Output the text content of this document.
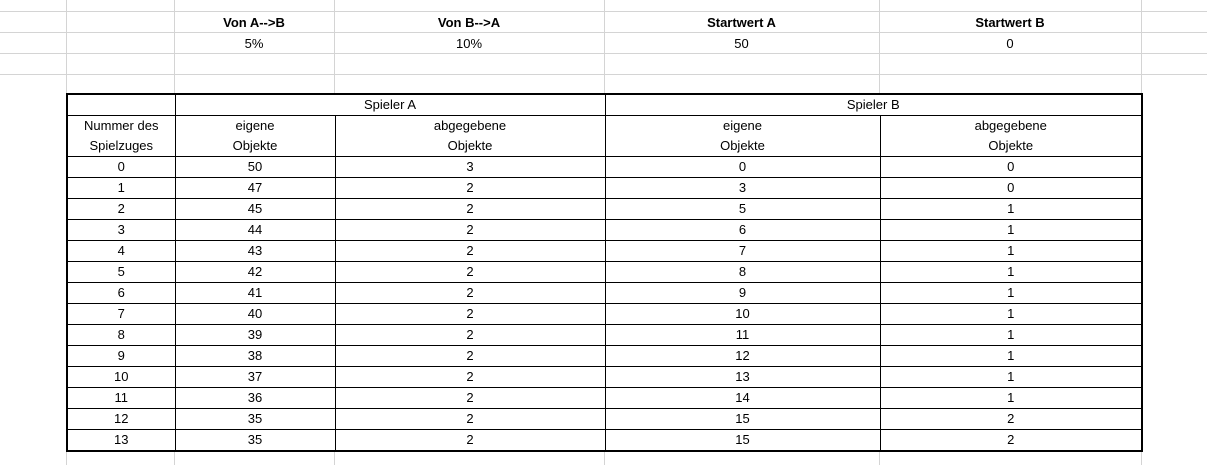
Von A-->B	Von B-->A	Startwert A	Startwert B
5%	10%	50	0
	Spieler A		Spieler B	
Nummer des	eigene	abgegebene	eigene	abgegebene
Spielzuges	Objekte	Objekte	Objekte	Objekte
0	50	3	0	0
1	47	2	3	0
2	45	2	5	1
3	44	2	6	1
4	43	2	7	1
5	42	2	8	1
6	41	2	9	1
7	40	2	10	1
8	39	2	11	1
9	38	2	12	1
10	37	2	13	1
11	36	2	14	1
12	35	2	15	2
13	35	2	15	2
